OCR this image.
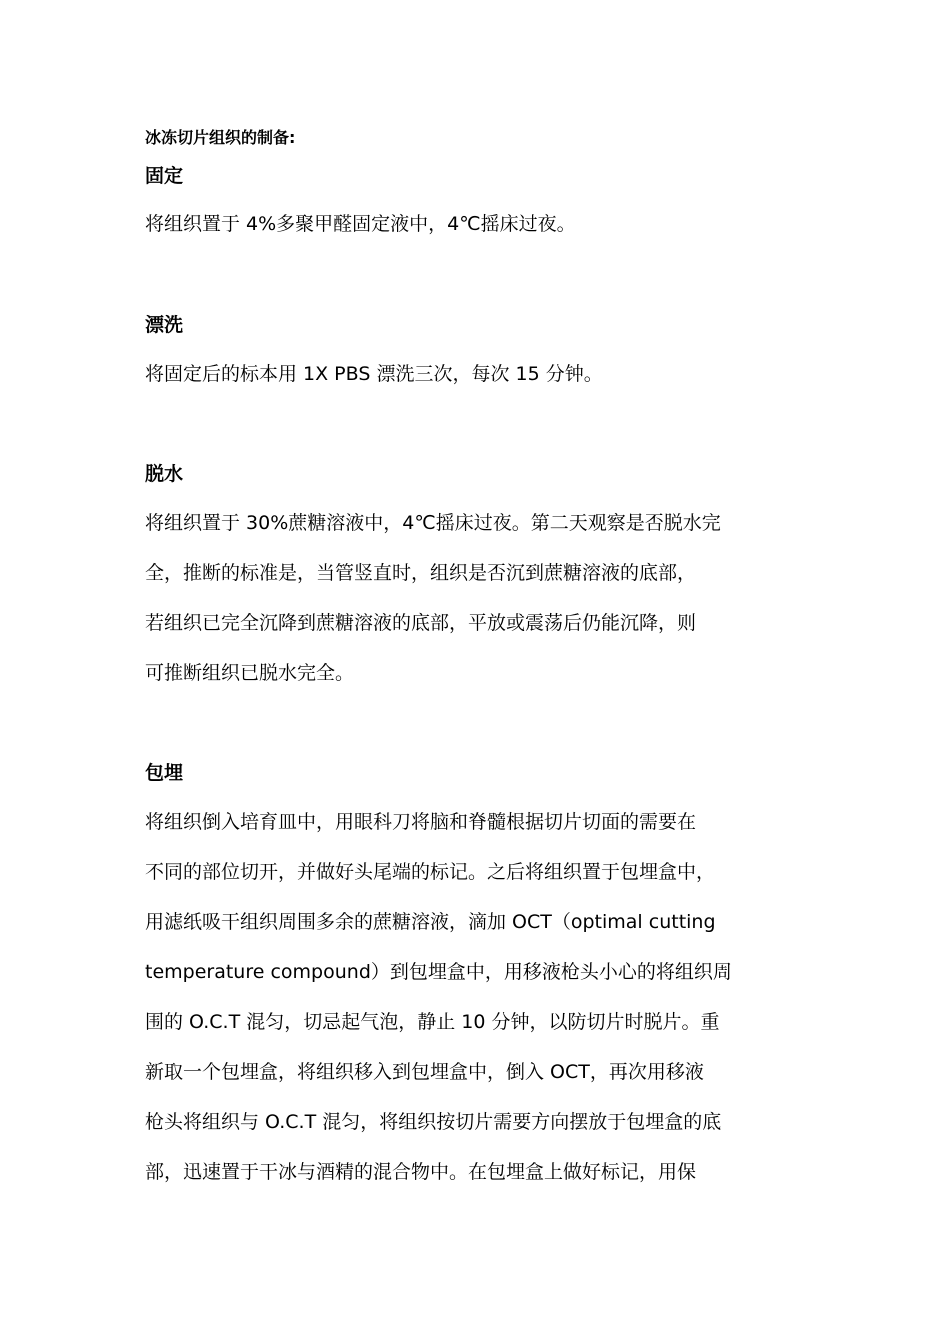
冰冻切片组织的制备:
固定
将组织置于 4%多聚甲醛固定液中，4℃摇床过夜。
漂洗
将固定后的标本用 1X PBS 漂洗三次，每次 15 分钟。
脱水
将组织置于 30%蔗糖溶液中，4℃摇床过夜。第二天观察是否脱水完
全，推断的标准是，当管竖直时，组织是否沉到蔗糖溶液的底部，
若组织已完全沉降到蔗糖溶液的底部，平放或震荡后仍能沉降，则
可推断组织已脱水完全。
包埋
将组织倒入培育皿中，用眼科刀将脑和脊髓根据切片切面的需要在
不同的部位切开，并做好头尾端的标记。之后将组织置于包埋盒中，
用滤纸吸干组织周围多余的蔗糖溶液，滴加 OCT（optimal cutting
temperature compound）到包埋盒中，用移液枪头小心的将组织周
围的 O.C.T 混匀，切忌起气泡，静止 10 分钟，以防切片时脱片。重
新取一个包埋盒，将组织移入到包埋盒中，倒入 OCT，再次用移液
枪头将组织与 O.C.T 混匀，将组织按切片需要方向摆放于包埋盒的底
部，迅速置于干冰与酒精的混合物中。在包埋盒上做好标记，用保
